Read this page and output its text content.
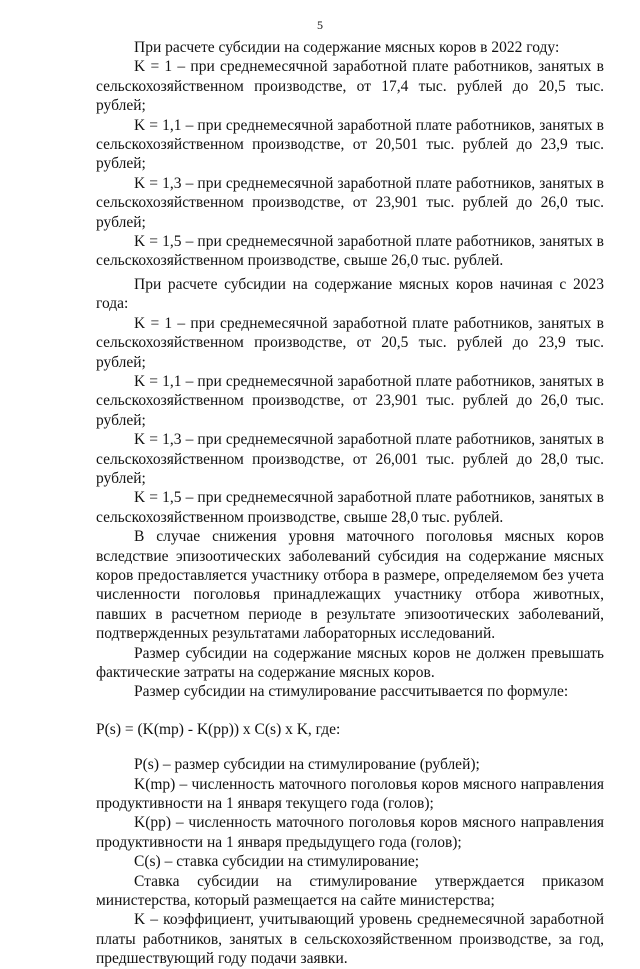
5

При расчете субсидии на содержание мясных коров в 2022 году:

K = 1 – при среднемесячной заработной плате работников, занятых в сельскохозяйственном производстве, от 17,4 тыс. рублей до 20,5 тыс. рублей;

K = 1,1 – при среднемесячной заработной плате работников, занятых в сельскохозяйственном производстве, от 20,501 тыс. рублей до 23,9 тыс. рублей;

K = 1,3 – при среднемесячной заработной плате работников, занятых в сельскохозяйственном производстве, от 23,901 тыс. рублей до 26,0 тыс. рублей;

K = 1,5 – при среднемесячной заработной плате работников, занятых в сельскохозяйственном производстве, свыше 26,0 тыс. рублей.

При расчете субсидии на содержание мясных коров начиная с 2023 года:

K = 1 – при среднемесячной заработной плате работников, занятых в сельскохозяйственном производстве, от 20,5 тыс. рублей до 23,9 тыс. рублей;

K = 1,1 – при среднемесячной заработной плате работников, занятых в сельскохозяйственном производстве, от 23,901 тыс. рублей до 26,0 тыс. рублей;

K = 1,3 – при среднемесячной заработной плате работников, занятых в сельскохозяйственном производстве, от 26,001 тыс. рублей до 28,0 тыс. рублей;

K = 1,5 – при среднемесячной заработной плате работников, занятых в сельскохозяйственном производстве, свыше 28,0 тыс. рублей.

В случае снижения уровня маточного поголовья мясных коров вследствие эпизоотических заболеваний субсидия на содержание мясных коров предоставляется участнику отбора в размере, определяемом без учета численности поголовья принадлежащих участнику отбора животных, павших в расчетном периоде в результате эпизоотических заболеваний, подтвержденных результатами лабораторных исследований.

Размер субсидии на содержание мясных коров не должен превышать фактические затраты на содержание мясных коров.

Размер субсидии на стимулирование рассчитывается по формуле:

P(s) = (K(mp) - K(pp)) x C(s) x K, где:

P(s) – размер субсидии на стимулирование (рублей);

K(mp) – численность маточного поголовья коров мясного направления продуктивности на 1 января текущего года (голов);

K(pp) – численность маточного поголовья коров мясного направления продуктивности на 1 января предыдущего года (голов);

C(s) – ставка субсидии на стимулирование;

Ставка субсидии на стимулирование утверждается приказом министерства, который размещается на сайте министерства;

K – коэффициент, учитывающий уровень среднемесячной заработной платы работников, занятых в сельскохозяйственном производстве, за год, предшествующий году подачи заявки.
